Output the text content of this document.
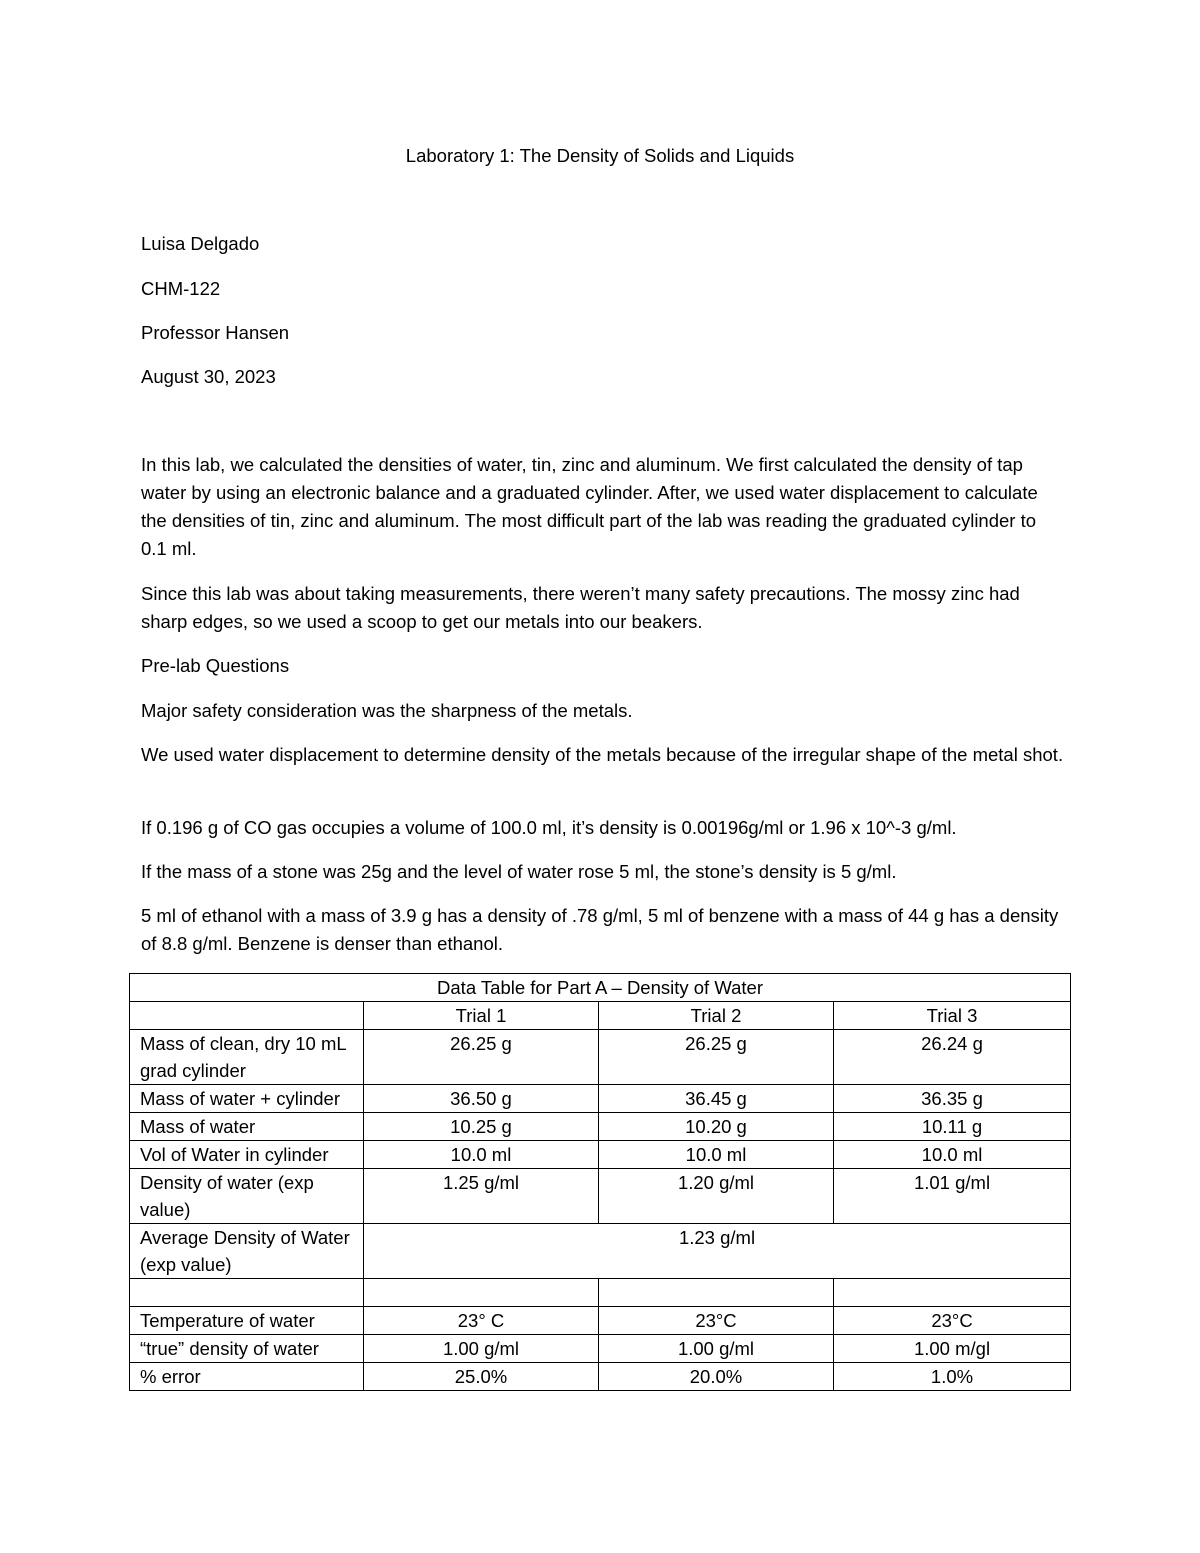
Laboratory 1: The Density of Solids and Liquids
Luisa Delgado
CHM-122
Professor Hansen
August 30, 2023
In this lab, we calculated the densities of water, tin, zinc and aluminum. We first calculated the density of tap water by using an electronic balance and a graduated cylinder. After, we used water displacement to calculate the densities of tin, zinc and aluminum. The most difficult part of the lab was reading the graduated cylinder to 0.1 ml.
Since this lab was about taking measurements, there weren’t many safety precautions. The mossy zinc had sharp edges, so we used a scoop to get our metals into our beakers.
Pre-lab Questions
Major safety consideration was the sharpness of the metals.
We used water displacement to determine density of the metals because of the irregular shape of the metal shot.
If 0.196 g of CO gas occupies a volume of 100.0 ml, it’s density is 0.00196g/ml or 1.96 x 10^-3 g/ml.
If the mass of a stone was 25g and the level of water rose 5 ml, the stone’s density is 5 g/ml.
5 ml of ethanol with a mass of 3.9 g has a density of .78 g/ml, 5 ml of benzene with a mass of 44 g has a density of 8.8 g/ml. Benzene is denser than ethanol.
Data Table for Part A – Density of Water			
	Trial 1	Trial 2	Trial 3
Mass of clean, dry 10 mL grad cylinder	26.25 g	26.25 g	26.24 g
Mass of water + cylinder	36.50 g	36.45 g	36.35 g
Mass of water	10.25 g	10.20 g	10.11 g
Vol of Water in cylinder	10.0 ml	10.0 ml	10.0 ml
Density of water (exp value)	1.25 g/ml	1.20 g/ml	1.01 g/ml
Average Density of Water (exp value)	1.23 g/ml		

Temperature of water	23° C	23°C	23°C
“true” density of water	1.00 g/ml	1.00 g/ml	1.00 m/gl
% error	25.0%	20.0%	1.0%
